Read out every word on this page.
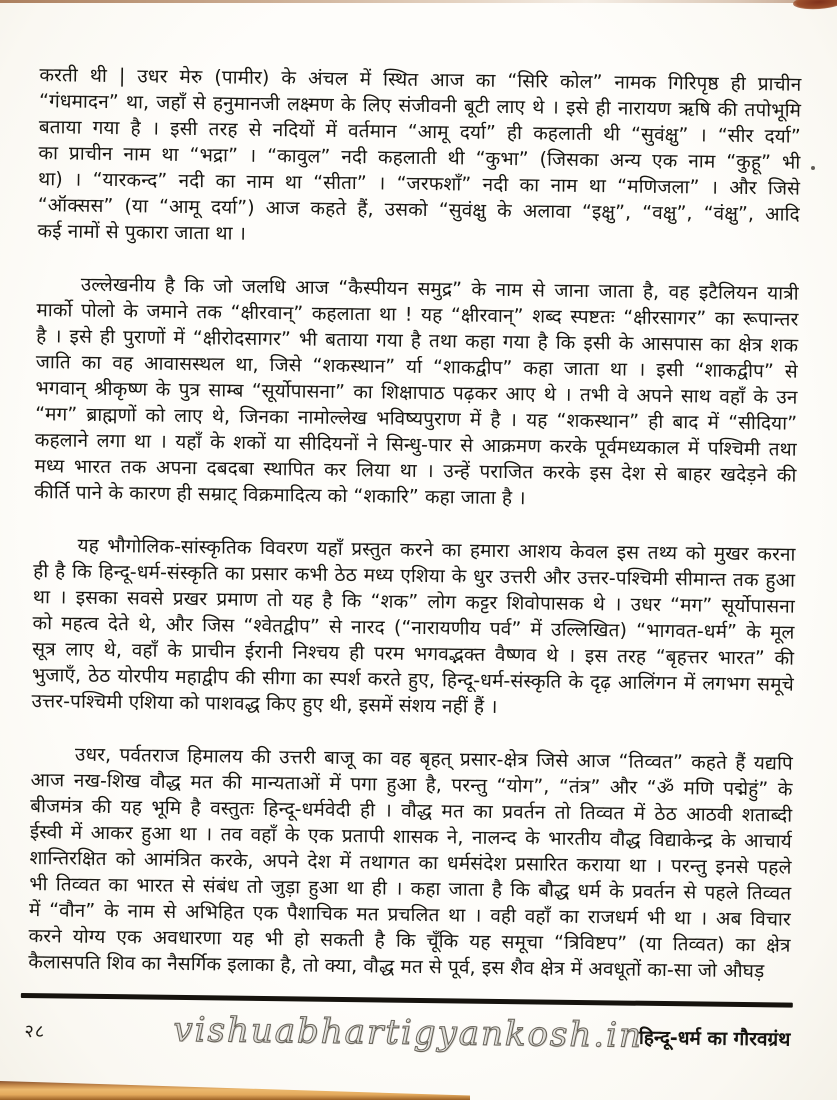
करती थी | उधर मेरु (पामीर) के अंचल में स्थित आज का “सिरि कोल” नामक गिरिपृष्ठ ही प्राचीन
“गंधमादन” था, जहाँ से हनुमानजी लक्ष्मण के लिए संजीवनी बूटी लाए थे । इसे ही नारायण ऋषि की तपोभूमि
बताया गया है । इसी तरह से नदियों में वर्तमान “आमू दर्या” ही कहलाती थी “सुवंक्षु” । “सीर दर्या”
का प्राचीन नाम था “भद्रा” । “कावुल” नदी कहलाती थी “कुभा” (जिसका अन्य एक नाम “कुहू” भी
था) । “यारकन्द” नदी का नाम था “सीता” । “जरफशाँ” नदी का नाम था “मणिजला” । और जिसे
“ऑक्सस” (या “आमू दर्या”) आज कहते हैं, उसको “सुवंक्षु के अलावा “इक्षु”, “वक्षु”, “वंक्षु”, आदि
कई नामों से पुकारा जाता था ।
उल्लेखनीय है कि जो जलधि आज “कैस्पीयन समुद्र” के नाम से जाना जाता है, वह इटैलियन यात्री
मार्को पोलो के जमाने तक “क्षीरवान्” कहलाता था ! यह “क्षीरवान्” शब्द स्पष्टतः “क्षीरसागर” का रूपान्तर
है । इसे ही पुराणों में “क्षीरोदसागर” भी बताया गया है तथा कहा गया है कि इसी के आसपास का क्षेत्र शक
जाति का वह आवासस्थल था, जिसे “शकस्थान” र्या “शाकद्वीप” कहा जाता था । इसी “शाकद्वीप” से
भगवान् श्रीकृष्ण के पुत्र साम्ब “सूर्योपासना” का शिक्षापाठ पढ़कर आए थे । तभी वे अपने साथ वहाँ के उन
“मग” ब्राह्मणों को लाए थे, जिनका नामोल्लेख भविष्यपुराण में है । यह “शकस्थान” ही बाद में “सीदिया”
कहलाने लगा था । यहाँ के शकों या सीदियनों ने सिन्धु-पार से आक्रमण करके पूर्वमध्यकाल में पश्चिमी तथा
मध्य भारत तक अपना दबदबा स्थापित कर लिया था । उन्हें पराजित करके इस देश से बाहर खदेड़ने की
कीर्ति पाने के कारण ही सम्राट् विक्रमादित्य को “शकारि” कहा जाता है ।
यह भौगोलिक-सांस्कृतिक विवरण यहाँ प्रस्तुत करने का हमारा आशय केवल इस तथ्य को मुखर करना
ही है कि हिन्दू-धर्म-संस्कृति का प्रसार कभी ठेठ मध्य एशिया के धुर उत्तरी और उत्तर-पश्चिमी सीमान्त तक हुआ
था । इसका सवसे प्रखर प्रमाण तो यह है कि “शक” लोग कट्टर शिवोपासक थे । उधर “मग” सूर्योपासना
को महत्व देते थे, और जिस “श्वेतद्वीप” से नारद (“नारायणीय पर्व” में उल्लिखित) “भागवत-धर्म” के मूल
सूत्र लाए थे, वहाँ के प्राचीन ईरानी निश्चय ही परम भगवद्भक्त वैष्णव थे । इस तरह “बृहत्तर भारत” की
भुजाएँ, ठेठ योरपीय महाद्वीप की सीगा का स्पर्श करते हुए, हिन्दू-धर्म-संस्कृति के दृढ़ आलिंगन में लगभग समूचे
उत्तर-पश्चिमी एशिया को पाशवद्ध किए हुए थी, इसमें संशय नहीं हैं ।
उधर, पर्वतराज हिमालय की उत्तरी बाजू का वह बृहत् प्रसार-क्षेत्र जिसे आज “तिव्वत” कहते हैं यद्यपि
आज नख-शिख वौद्ध मत की मान्यताओं में पगा हुआ है, परन्तु “योग”, “तंत्र” और “ॐ मणि पद्मेहुं” के
बीजमंत्र की यह भूमि है वस्तुतः हिन्दू-धर्मवेदी ही । वौद्ध मत का प्रवर्तन तो तिव्वत में ठेठ आठवी शताब्दी
ईस्वी में आकर हुआ था । तव वहाँ के एक प्रतापी शासक ने, नालन्द के भारतीय वौद्ध विद्याकेन्द्र के आचार्य
शान्तिरक्षित को आमंत्रित करके, अपने देश में तथागत का धर्मसंदेश प्रसारित कराया था । परन्तु इनसे पहले
भी तिव्वत का भारत से संबंध तो जुड़ा हुआ था ही । कहा जाता है कि बौद्ध धर्म के प्रवर्तन से पहले तिव्वत
में “वौन” के नाम से अभिहित एक पैशाचिक मत प्रचलित था । वही वहाँ का राजधर्म भी था । अब विचार
करने योग्य एक अवधारणा यह भी हो सकती है कि चूँकि यह समूचा “त्रिविष्टप” (या तिव्वत) का क्षेत्र
कैलासपति शिव का नैसर्गिक इलाका है, तो क्या, वौद्ध मत से पूर्व, इस शैव क्षेत्र में अवधूतों का-सा जो औघड़
२८	vishuabhartigyankosh.in
हिन्दू-धर्म का गौरवग्रंथ
